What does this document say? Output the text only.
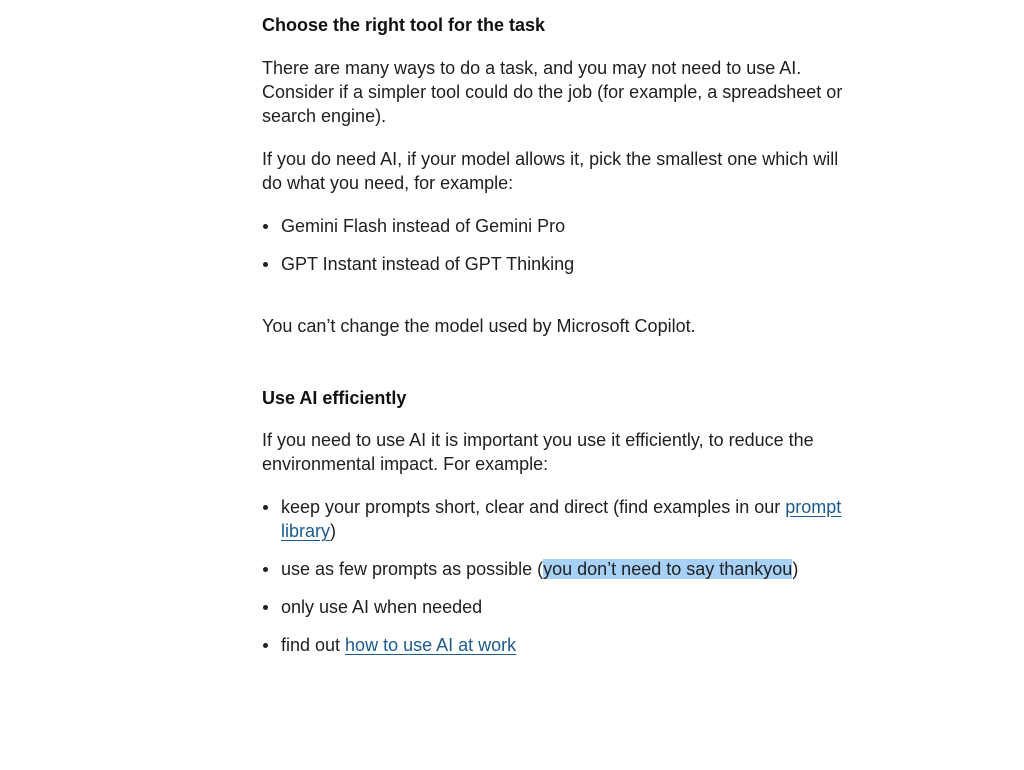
Choose the right tool for the task

There are many ways to do a task, and you may not need to use AI. Consider if a simpler tool could do the job (for example, a spreadsheet or search engine).

If you do need AI, if your model allows it, pick the smallest one which will do what you need, for example:

Gemini Flash instead of Gemini Pro
GPT Instant instead of GPT Thinking

You can’t change the model used by Microsoft Copilot.

Use AI efficiently

If you need to use AI it is important you use it efficiently, to reduce the environmental impact. For example:

keep your prompts short, clear and direct (find examples in our prompt library)
use as few prompts as possible (you don’t need to say thankyou)
only use AI when needed
find out how to use AI at work
